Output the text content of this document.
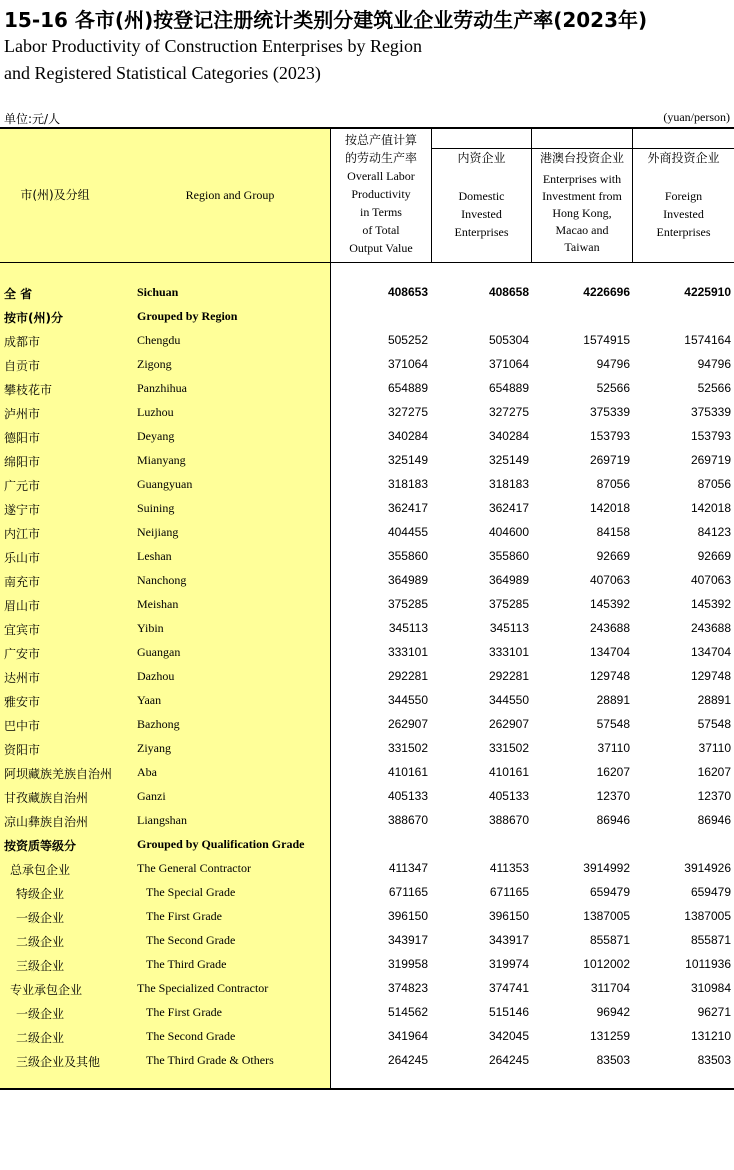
15-16 各市(州)按登记注册统计类别分建筑业企业劳动生产率(2023年)
Labor Productivity of Construction Enterprises by Region
and Registered Statistical Categories (2023)
单位:元/人	(yuan/person)
市(州)及分组	Region and Group
按总产值计算
的劳动生产率
Overall Labor
Productivity
in Terms
of Total
Output Value
内资企业
Domestic
Invested
Enterprises
港澳台投资企业
Enterprises with
Investment from
Hong Kong,
Macao and
Taiwan
外商投资企业
Foreign
Invested
Enterprises
全 省	Sichuan	408653	408658	4226696	4225910
按市(州)分	Grouped by Region
成都市	Chengdu	505252	505304	1574915	1574164
自贡市	Zigong	371064	371064	94796	94796
攀枝花市	Panzhihua	654889	654889	52566	52566
泸州市	Luzhou	327275	327275	375339	375339
德阳市	Deyang	340284	340284	153793	153793
绵阳市	Mianyang	325149	325149	269719	269719
广元市	Guangyuan	318183	318183	87056	87056
遂宁市	Suining	362417	362417	142018	142018
内江市	Neijiang	404455	404600	84158	84123
乐山市	Leshan	355860	355860	92669	92669
南充市	Nanchong	364989	364989	407063	407063
眉山市	Meishan	375285	375285	145392	145392
宜宾市	Yibin	345113	345113	243688	243688
广安市	Guangan	333101	333101	134704	134704
达州市	Dazhou	292281	292281	129748	129748
雅安市	Yaan	344550	344550	28891	28891
巴中市	Bazhong	262907	262907	57548	57548
资阳市	Ziyang	331502	331502	37110	37110
阿坝藏族羌族自治州 Aba	410161	410161	16207	16207
甘孜藏族自治州	Ganzi	405133	405133	12370	12370
凉山彝族自治州	Liangshan	388670	388670	86946	86946
按资质等级分	Grouped by Qualification Grade
总承包企业	The General Contractor	411347	411353	3914992	3914926
特级企业	The Special Grade	671165	671165	659479	659479
一级企业	The First Grade	396150	396150	1387005	1387005
二级企业	The Second Grade	343917	343917	855871	855871
三级企业	The Third Grade	319958	319974	1012002	1011936
专业承包企业	The Specialized Contractor	374823	374741	311704	310984
一级企业	The First Grade	514562	515146	96942	96271
二级企业	The Second Grade	341964	342045	131259	131210
三级企业及其他	The Third Grade & Others	264245	264245	83503	83503
